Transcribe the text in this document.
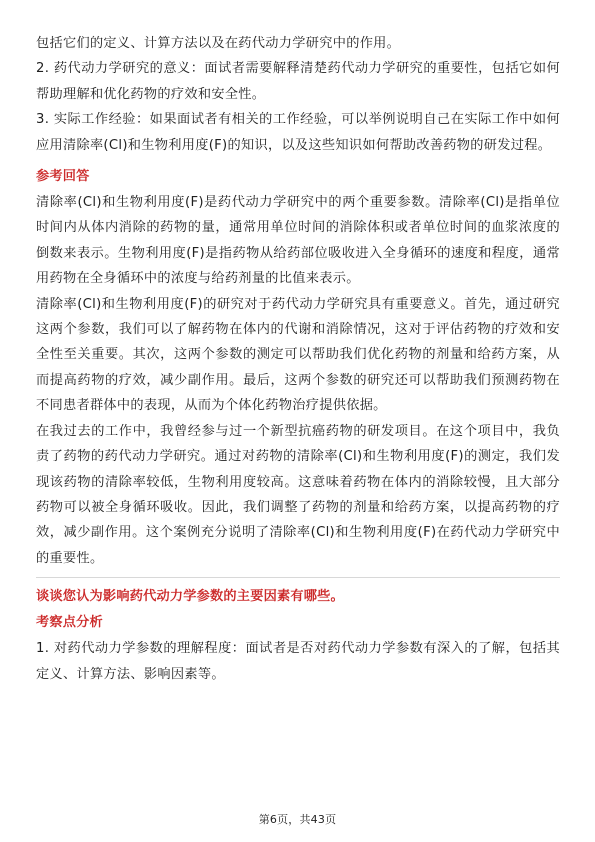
包括它们的定义、计算方法以及在药代动力学研究中的作用。

2. 药代动力学研究的意义：面试者需要解释清楚药代动力学研究的重要性，包括它如何帮助理解和优化药物的疗效和安全性。

3. 实际工作经验：如果面试者有相关的工作经验，可以举例说明自己在实际工作中如何应用清除率(Cl)和生物利用度(F)的知识，以及这些知识如何帮助改善药物的研发过程。

参考回答

清除率(Cl)和生物利用度(F)是药代动力学研究中的两个重要参数。清除率(Cl)是指单位时间内从体内消除的药物的量，通常用单位时间的消除体积或者单位时间的血浆浓度的倒数来表示。生物利用度(F)是指药物从给药部位吸收进入全身循环的速度和程度，通常用药物在全身循环中的浓度与给药剂量的比值来表示。

清除率(Cl)和生物利用度(F)的研究对于药代动力学研究具有重要意义。首先，通过研究这两个参数，我们可以了解药物在体内的代谢和消除情况，这对于评估药物的疗效和安全性至关重要。其次，这两个参数的测定可以帮助我们优化药物的剂量和给药方案，从而提高药物的疗效，减少副作用。最后，这两个参数的研究还可以帮助我们预测药物在不同患者群体中的表现，从而为个体化药物治疗提供依据。

在我过去的工作中，我曾经参与过一个新型抗癌药物的研发项目。在这个项目中，我负责了药物的药代动力学研究。通过对药物的清除率(Cl)和生物利用度(F)的测定，我们发现该药物的清除率较低，生物利用度较高。这意味着药物在体内的消除较慢，且大部分药物可以被全身循环吸收。因此，我们调整了药物的剂量和给药方案，以提高药物的疗效，减少副作用。这个案例充分说明了清除率(Cl)和生物利用度(F)在药代动力学研究中的重要性。

谈谈您认为影响药代动力学参数的主要因素有哪些。
考察点分析

1. 对药代动力学参数的理解程度：面试者是否对药代动力学参数有深入的了解，包括其定义、计算方法、影响因素等。

第6页，共43页
